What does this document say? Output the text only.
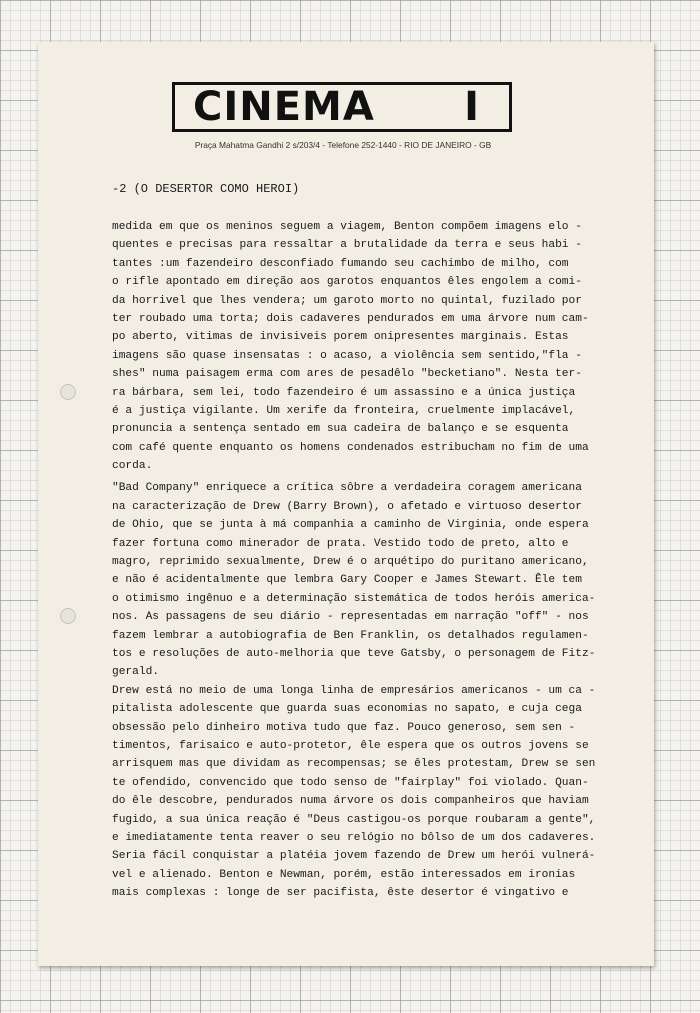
CINEMA I
Praça Mahatma Gandhi 2 s/203/4 - Telefone 252-1440 - RIO DE JANEIRO - GB
-2 (O DESERTOR COMO HEROI)
medida em que os meninos seguem a viagem, Benton compõem imagens elo -
quentes e precisas para ressaltar a brutalidade da terra e seus habi -
tantes :um fazendeiro desconfiado fumando seu cachimbo de milho, com
o rifle apontado em direção aos garotos enquantos êles engolem a comi-
da horrivel que lhes vendera; um garoto morto no quintal, fuzilado por
ter roubado uma torta; dois cadaveres pendurados em uma árvore num cam-
po aberto, vitimas de invisiveis porem onipresentes marginais. Estas
imagens são quase insensatas : o acaso, a violência sem sentido,"fla -
shes" numa paisagem erma com ares de pesadêlo "becketiano". Nesta ter-
ra bárbara, sem lei, todo fazendeiro é um assassino e a única justiça
é a justiça vigilante. Um xerife da fronteira, cruelmente implacável,
pronuncia a sentença sentado em sua cadeira de balanço e se esquenta
com café quente enquanto os homens condenados estribucham no fim de uma
corda.
"Bad Company" enriquece a crítica sôbre a verdadeira coragem americana
na caracterização de Drew (Barry Brown), o afetado e virtuoso desertor
de Ohio, que se junta à má companhia a caminho de Virginia, onde espera
fazer fortuna como minerador de prata. Vestido todo de preto, alto e
magro, reprimido sexualmente, Drew é o arquétipo do puritano americano,
e não é acidentalmente que lembra Gary Cooper e James Stewart. Êle tem
o otimismo ingênuo e a determinação sistemática de todos heróis america-
nos. As passagens de seu diário - representadas em narração "off" - nos
fazem lembrar a autobiografia de Ben Franklin, os detalhados regulamen-
tos e resoluções de auto-melhoria que teve Gatsby, o personagem de Fitz-
gerald.
Drew está no meio de uma longa linha de empresários americanos - um ca -
pitalista adolescente que guarda suas economias no sapato, e cuja cega
obsessão pelo dinheiro motiva tudo que faz. Pouco generoso, sem sen -
timentos, farisaico e auto-protetor, êle espera que os outros jovens se
arrisquem mas que dividam as recompensas; se êles protestam, Drew se sen
te ofendido, convencido que todo senso de "fairplay" foi violado. Quan-
do êle descobre, pendurados numa árvore os dois companheiros que haviam
fugido, a sua única reação é "Deus castigou-os porque roubaram a gente",
e imediatamente tenta reaver o seu relógio no bôlso de um dos cadaveres.
Seria fácil conquistar a platéia jovem fazendo de Drew um herói vulnerá-
vel e alienado. Benton e Newman, porém, estão interessados em ironias
mais complexas : longe de ser pacifista, êste desertor é vingativo e
